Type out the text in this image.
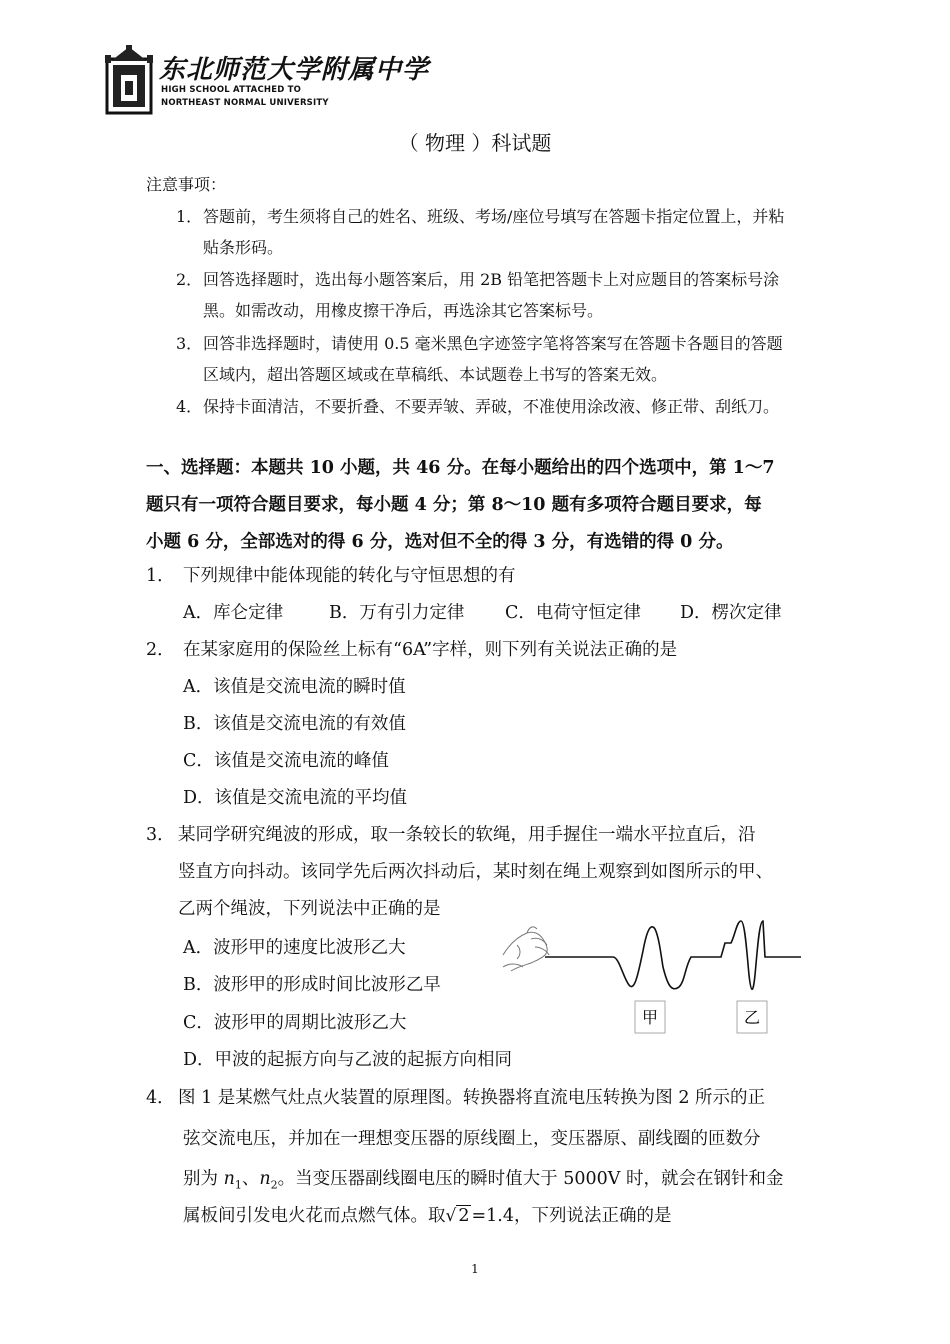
东北师范大学附属中学
HIGH SCHOOL ATTACHED TO
NORTHEAST NORMAL UNIVERSITY
（ 物理 ）科试题
注意事项：
1． 答题前，考生须将自己的姓名、班级、考场/座位号填写在答题卡指定位置上，并粘
贴条形码。
2． 回答选择题时，选出每小题答案后，用 2B 铅笔把答题卡上对应题目的答案标号涂
黑。如需改动，用橡皮擦干净后，再选涂其它答案标号。
3． 回答非选择题时，请使用 0.5 毫米黑色字迹签字笔将答案写在答题卡各题目的答题
区域内，超出答题区域或在草稿纸、本试题卷上书写的答案无效。
4． 保持卡面清洁，不要折叠、不要弄皱、弄破，不准使用涂改液、修正带、刮纸刀。
一、选择题：本题共 10 小题，共 46 分。在每小题给出的四个选项中，第 1～7
题只有一项符合题目要求，每小题 4 分；第 8～10 题有多项符合题目要求，每
小题 6 分，全部选对的得 6 分，选对但不全的得 3 分，有选错的得 0 分。
1． 下列规律中能体现能的转化与守恒思想的有
A．库仑定律	B．万有引力定律 C．电荷守恒定律 D．楞次定律
2． 在某家庭用的保险丝上标有“6A”字样，则下列有关说法正确的是
A．该值是交流电流的瞬时值
B．该值是交流电流的有效值
C．该值是交流电流的峰值
D．该值是交流电流的平均值
3． 某同学研究绳波的形成，取一条较长的软绳，用手握住一端水平拉直后，沿
竖直方向抖动。该同学先后两次抖动后，某时刻在绳上观察到如图所示的甲、
乙两个绳波，下列说法中正确的是
A．波形甲的速度比波形乙大
B．波形甲的形成时间比波形乙早
C．波形甲的周期比波形乙大
D．甲波的起振方向与乙波的起振方向相同
甲	乙
4． 图 1 是某燃气灶点火装置的原理图。转换器将直流电压转换为图 2 所示的正
弦交流电压，并加在一理想变压器的原线圈上，变压器原、副线圈的匝数分
别为 $n_1$、$n_2$。当变压器副线圈电压的瞬时值大于 5000V 时，就会在钢针和金
属板间引发电火花而点燃气体。取√ 2 =1.4，下列说法正确的是
1
